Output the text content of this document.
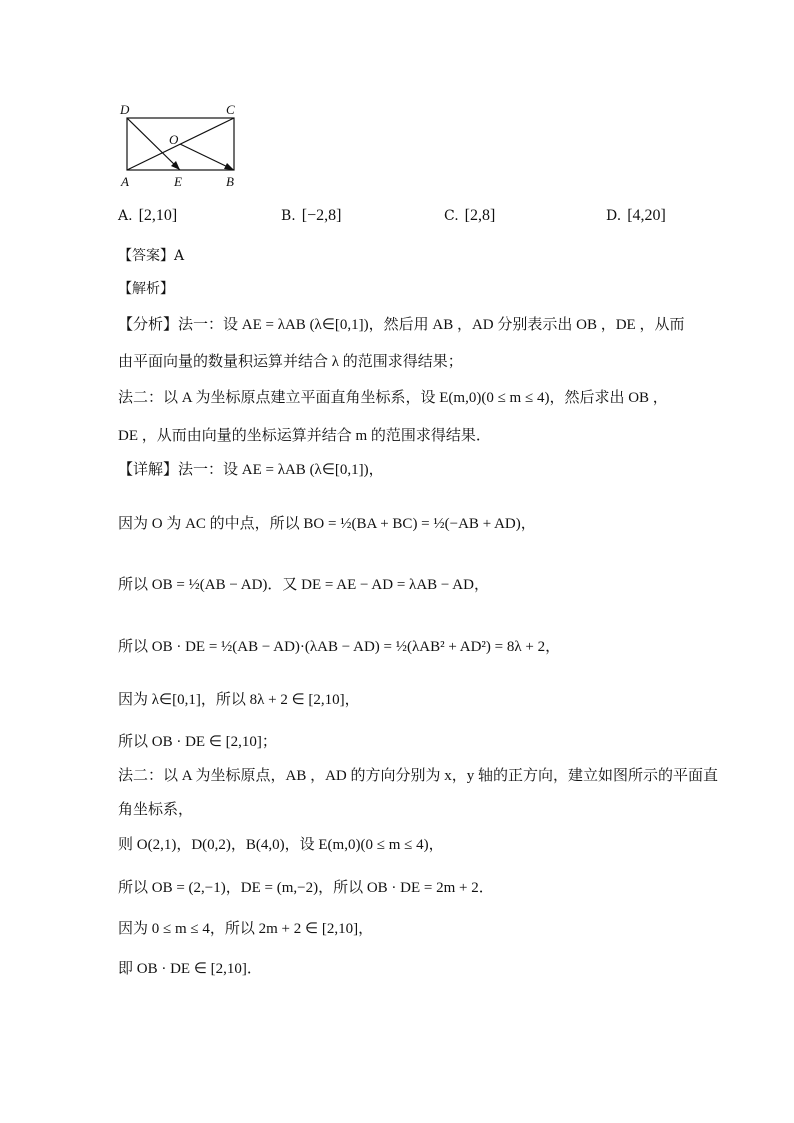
D	C
O
A	E	B
A. [2,10]	B. [−2,8]	C. [2,8]	D. [4,20]
【答案】A
【解析】
【分析】法一：设 AE = λAB (λ∈[0,1])，然后用 AB ，AD 分别表示出 OB ，DE ，从而
由平面向量的数量积运算并结合 λ 的范围求得结果；
法二：以 A 为坐标原点建立平面直角坐标系，设 E(m,0)(0 ≤ m ≤ 4)，然后求出 OB ，
DE ，从而由向量的坐标运算并结合 m 的范围求得结果．
【详解】法一：设 AE = λAB (λ∈[0,1])，
因为 O 为 AC 的中点，所以 BO = ½(BA + BC) = ½(−AB + AD)，
所以 OB = ½(AB − AD)．又 DE = AE − AD = λAB − AD，
所以 OB · DE = ½(AB − AD)·(λAB − AD) = ½(λAB² + AD²) = 8λ + 2，
因为 λ∈[0,1]，所以 8λ + 2 ∈ [2,10]，
所以 OB · DE ∈ [2,10]；
法二：以 A 为坐标原点，AB ，AD 的方向分别为 x，y 轴的正方向，建立如图所示的平面直
角坐标系，
则 O(2,1)，D(0,2)，B(4,0)，设 E(m,0)(0 ≤ m ≤ 4)，
所以 OB = (2,−1)，DE = (m,−2)，所以 OB · DE = 2m + 2．
因为 0 ≤ m ≤ 4，所以 2m + 2 ∈ [2,10]，
即 OB · DE ∈ [2,10]．
